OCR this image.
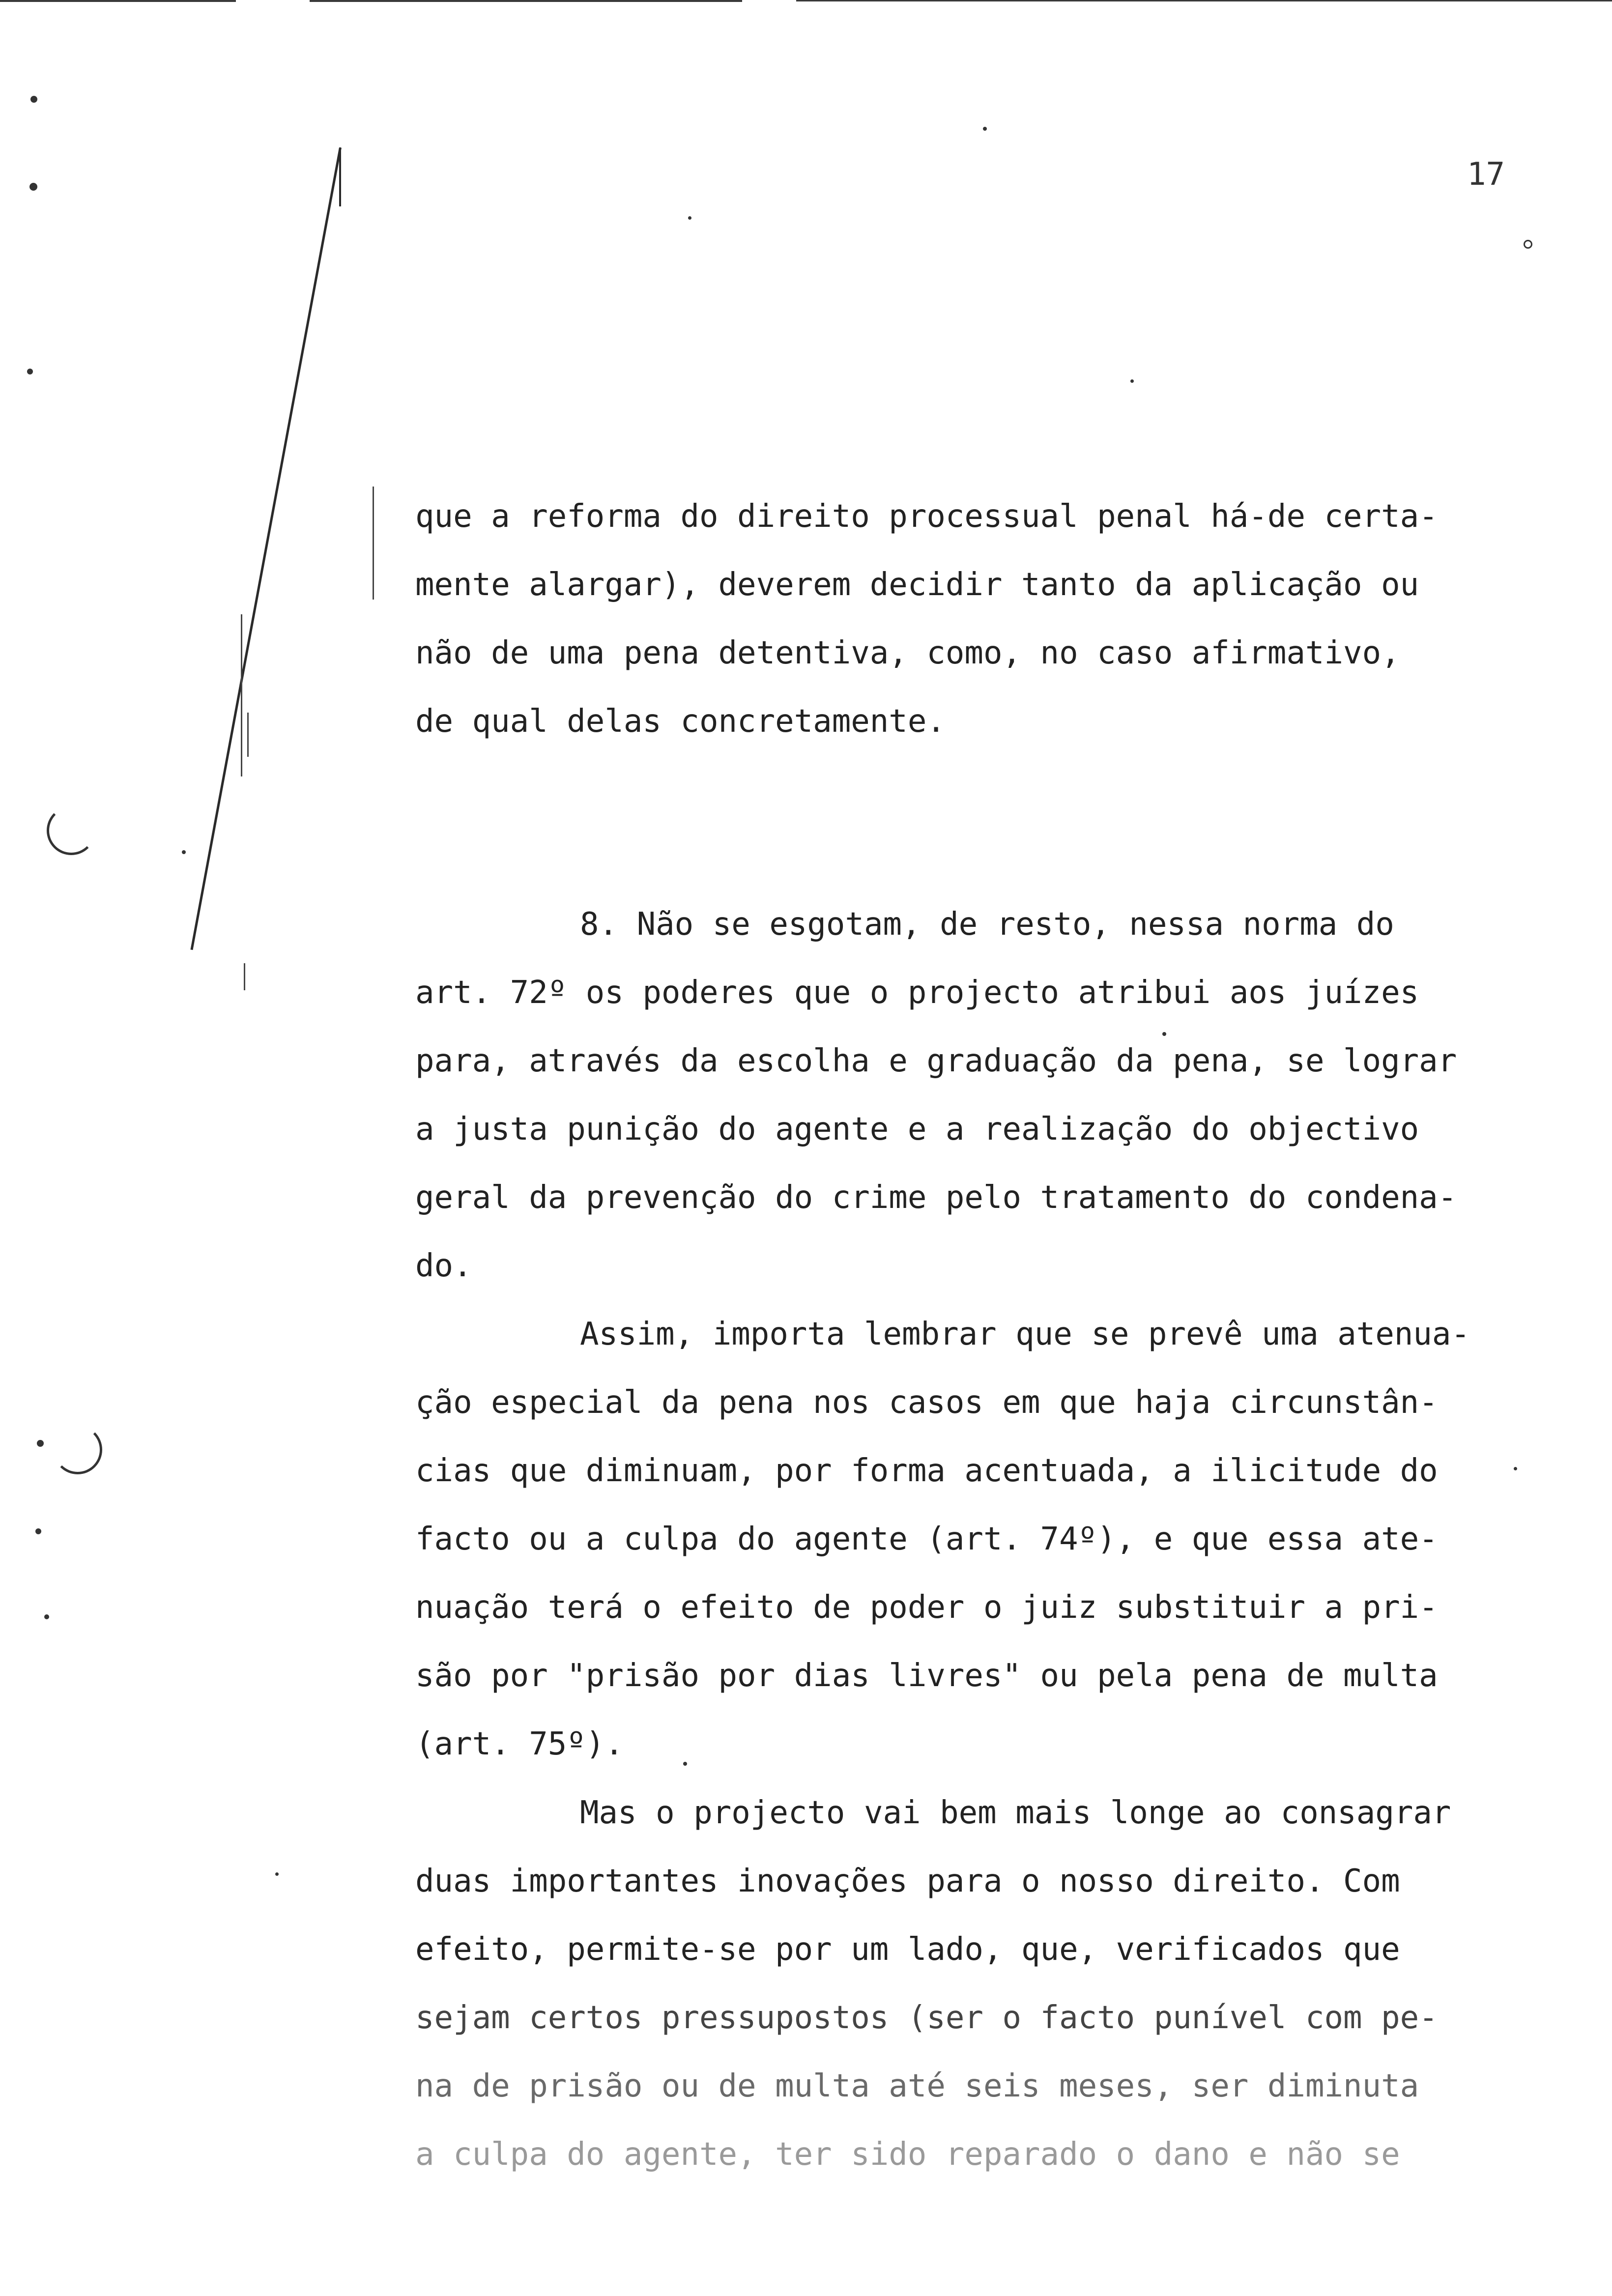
17
que a reforma do direito processual penal há-de certa-
mente alargar), deverem decidir tanto da aplicação ou
não de uma pena detentiva, como, no caso afirmativo,
de qual delas concretamente.
8. Não se esgotam, de resto, nessa norma do
art. 72º os poderes que o projecto atribui aos juízes
para, através da escolha e graduação da pena, se lograr
a justa punição do agente e a realização do objectivo
geral da prevenção do crime pelo tratamento do condena-
do.
Assim, importa lembrar que se prevê uma atenua-
ção especial da pena nos casos em que haja circunstân-
cias que diminuam, por forma acentuada, a ilicitude do
facto ou a culpa do agente (art. 74º), e que essa ate-
nuação terá o efeito de poder o juiz substituir a pri-
são por "prisão por dias livres" ou pela pena de multa
(art. 75º).
Mas o projecto vai bem mais longe ao consagrar
duas importantes inovações para o nosso direito. Com
efeito, permite-se por um lado, que, verificados que
sejam certos pressupostos (ser o facto punível com pe-
na de prisão ou de multa até seis meses, ser diminuta
a culpa do agente, ter sido reparado o dano e não se
